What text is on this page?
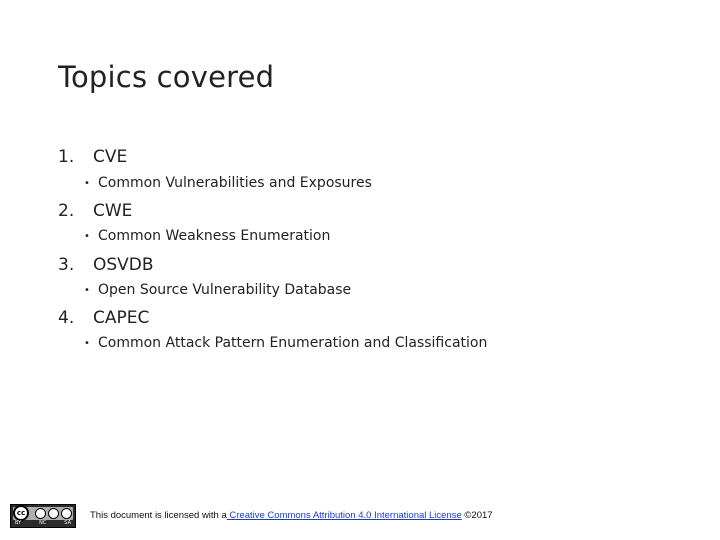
Topics covered
1. CVE
• Common Vulnerabilities and Exposures
2. CWE
• Common Weakness Enumeration
3. OSVDB
• Open Source Vulnerability Database
4. CAPEC
• Common Attack Pattern Enumeration and Classification
cc
BY	NC	SA
This document is licensed with a Creative Commons Attribution 4.0 International License ©2017
